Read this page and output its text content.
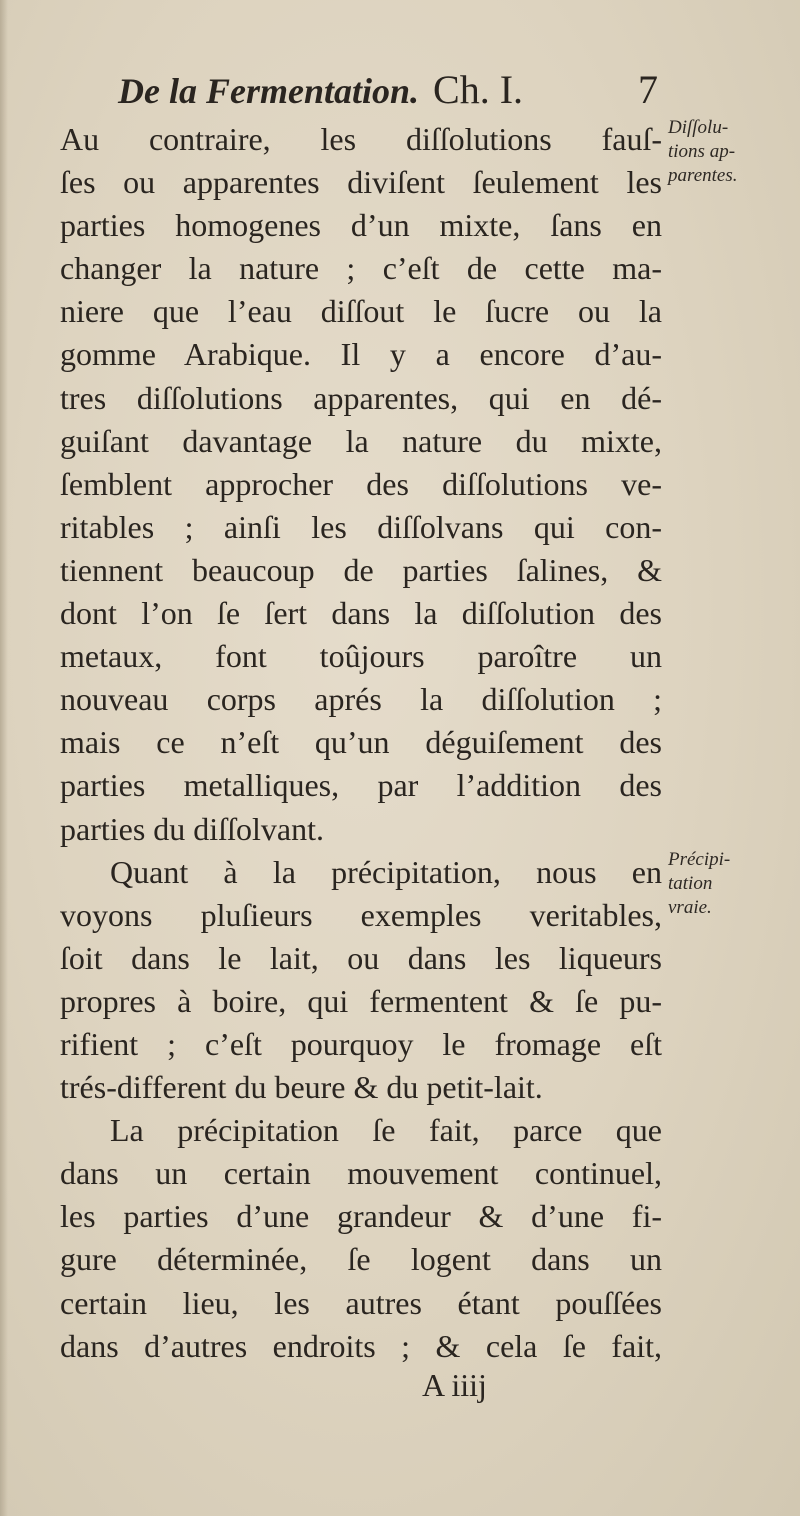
De la Fermentation. Ch. I.	7
Au contraire, les diſſolutions fauſ-
ſes ou apparentes diviſent ſeulement les
parties homogenes d’un mixte, ſans en
changer la nature ; c’eſt de cette ma-
niere que l’eau diſſout le ſucre ou la
gomme Arabique. Il y a encore d’au-
tres diſſolutions apparentes, qui en dé-
guiſant davantage la nature du mixte,
ſemblent approcher des diſſolutions ve-
ritables ; ainſi les diſſolvans qui con-
tiennent beaucoup de parties ſalines, &
dont l’on ſe ſert dans la diſſolution des
metaux, font toûjours paroître un
nouveau corps aprés la diſſolution ;
mais ce n’eſt qu’un déguiſement des
parties metalliques, par l’addition des
parties du diſſolvant.
Quant à la précipitation, nous en
voyons pluſieurs exemples veritables,
ſoit dans le lait, ou dans les liqueurs
propres à boire, qui fermentent & ſe pu-
rifient ; c’eſt pourquoy le fromage eſt
trés-different du beure & du petit-lait.
La précipitation ſe fait, parce que
dans un certain mouvement continuel,
les parties d’une grandeur & d’une fi-
gure déterminée, ſe logent dans un
certain lieu, les autres étant pouſſées
dans d’autres endroits ; & cela ſe fait,
Diſſolu-
tions ap-
parentes.
Précipi-
tation
vraie.
A iiij
